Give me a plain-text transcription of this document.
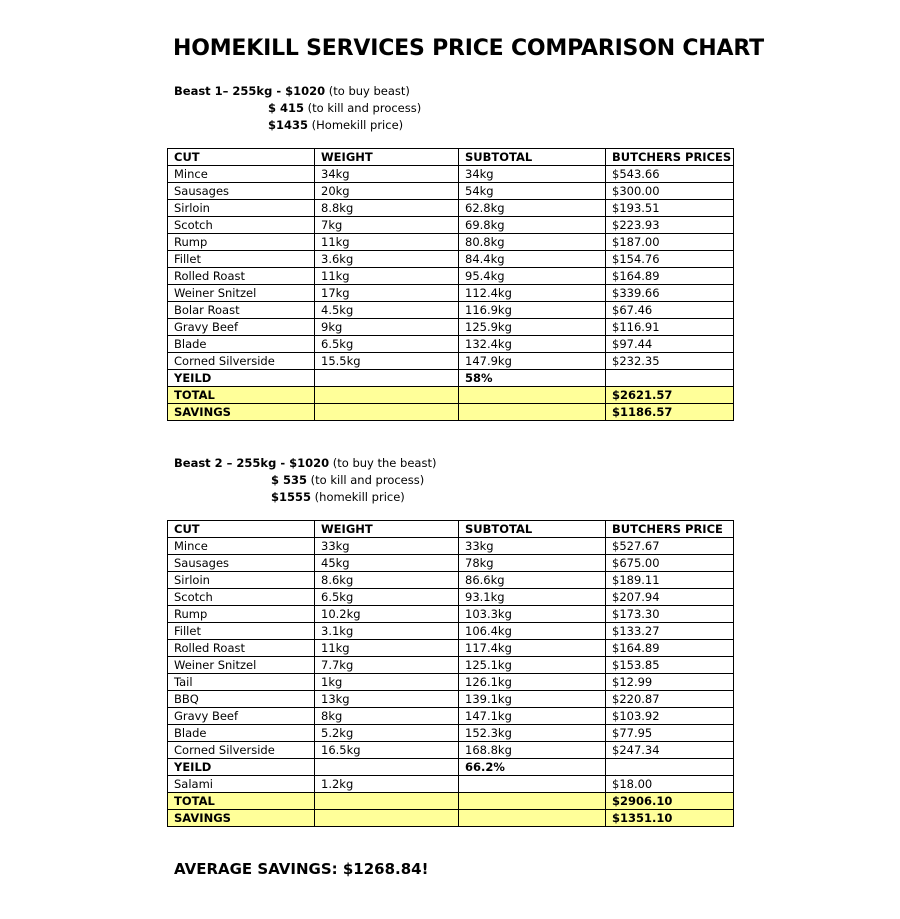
HOMEKILL SERVICES PRICE COMPARISON CHART
Beast 1– 255kg - $1020 (to buy beast)
$ 415 (to kill and process)
$1435 (Homekill price)
CUT	WEIGHT	SUBTOTAL	BUTCHERS PRICES
Mince	34kg	34kg	$543.66
Sausages	20kg	54kg	$300.00
Sirloin	8.8kg	62.8kg	$193.51
Scotch	7kg	69.8kg	$223.93
Rump	11kg	80.8kg	$187.00
Fillet	3.6kg	84.4kg	$154.76
Rolled Roast	11kg	95.4kg	$164.89
Weiner Snitzel	17kg	112.4kg	$339.66
Bolar Roast	4.5kg	116.9kg	$67.46
Gravy Beef	9kg	125.9kg	$116.91
Blade	6.5kg	132.4kg	$97.44
Corned Silverside	15.5kg	147.9kg	$232.35
YEILD		58%	
TOTAL			$2621.57
SAVINGS			$1186.57
Beast 2 – 255kg - $1020 (to buy the beast)
$ 535 (to kill and process)
$1555 (homekill price)
CUT	WEIGHT	SUBTOTAL	BUTCHERS PRICE
Mince	33kg	33kg	$527.67
Sausages	45kg	78kg	$675.00
Sirloin	8.6kg	86.6kg	$189.11
Scotch	6.5kg	93.1kg	$207.94
Rump	10.2kg	103.3kg	$173.30
Fillet	3.1kg	106.4kg	$133.27
Rolled Roast	11kg	117.4kg	$164.89
Weiner Snitzel	7.7kg	125.1kg	$153.85
Tail	1kg	126.1kg	$12.99
BBQ	13kg	139.1kg	$220.87
Gravy Beef	8kg	147.1kg	$103.92
Blade	5.2kg	152.3kg	$77.95
Corned Silverside	16.5kg	168.8kg	$247.34
YEILD		66.2%	
Salami	1.2kg		$18.00
TOTAL			$2906.10
SAVINGS			$1351.10
AVERAGE SAVINGS: $1268.84!
